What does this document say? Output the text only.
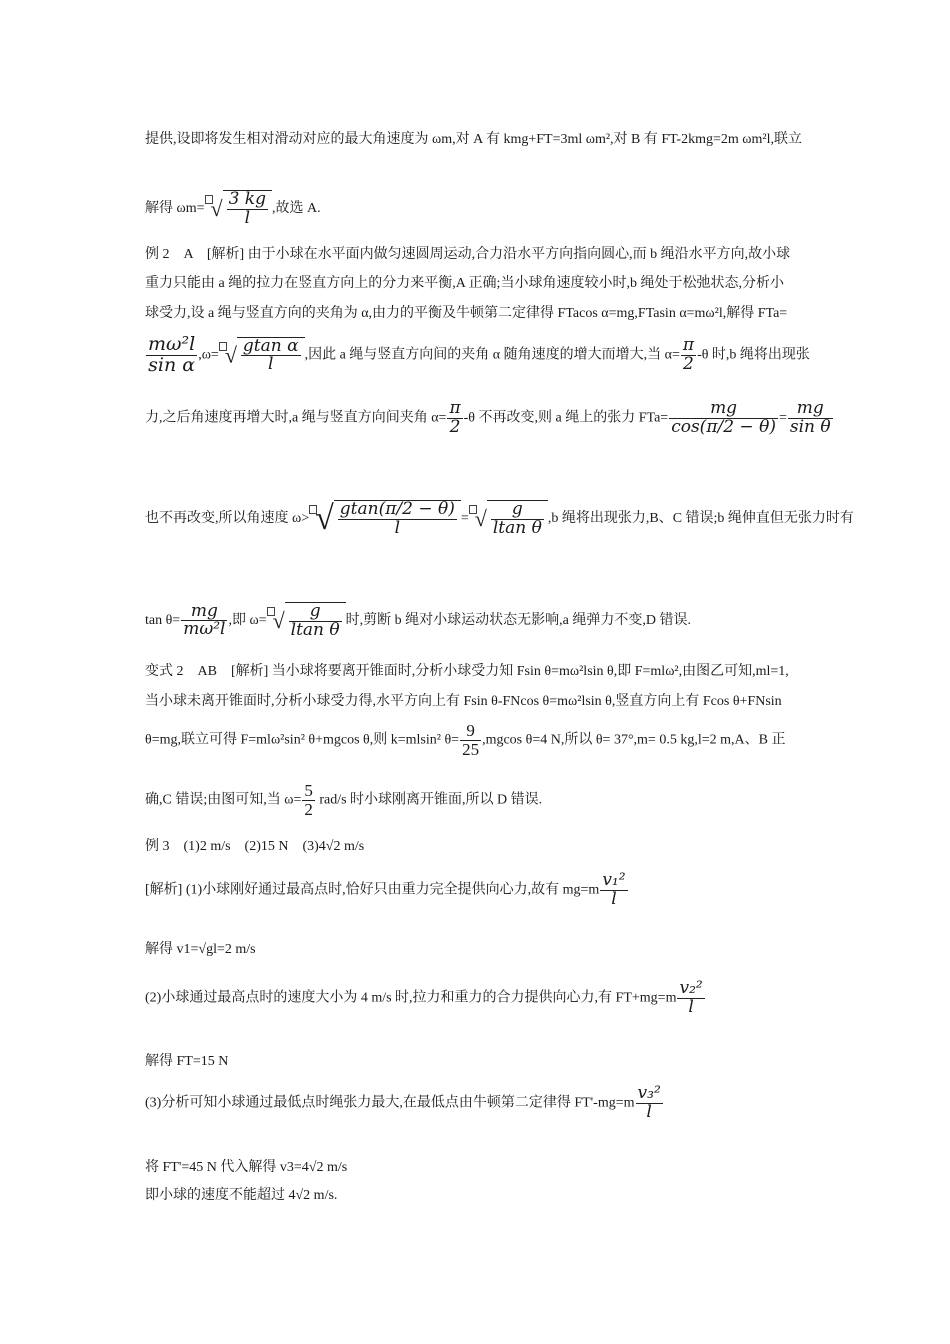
提供,设即将发生相对滑动对应的最大角速度为 ωm,对 A 有 kmg+FT=3ml ωm²,对 B 有 FT-2kmg=2m ωm²l,联立
解得 ωm= √ $\frac{3 kg}{l}$ ,故选 A.
例 2　A　[解析] 由于小球在水平面内做匀速圆周运动,合力沿水平方向指向圆心,而 b 绳沿水平方向,故小球
重力只能由 a 绳的拉力在竖直方向上的分力来平衡,A 正确;当小球角速度较小时,b 绳处于松弛状态,分析小
球受力,设 a 绳与竖直方向的夹角为 α,由力的平衡及牛顿第二定律得 FTacos α=mg,FTasin α=mω²l,解得 FTa=
$\frac{\text{mω²l}}{\text{sin α}} ,\omega=$ √ $\frac{\text{gtan α}}{l}$ ,因此 a 绳与竖直方向间的夹角 α 随角速度的增大而增大,当 $\alpha= \frac{\pi}{2} -\theta$ 时,b 绳将出现张
力,之后角速度再增大时,a 绳与竖直方向间夹角 $\alpha= \frac{\pi}{2} -\theta$ 不再改变,则 a 绳上的张力 $FTa= \frac{mg}{\cos(\pi/2 - \theta)} = \frac{mg}{\text{sin θ}}$
也不再改变,所以角速度 ω> √ $\frac{gtan(\pi/2 - \theta)}{l}$ = √ $\frac{g}{\text{ltan θ}} ,b$ 绳将出现张力,B、C 错误;b 绳伸直但无张力时有
$\tan \theta= \frac{mg}{\text{mω²l}}$ ,即 ω= √ $\frac{g}{\text{ltan θ}}$ 时,剪断 b 绳对小球运动状态无影响,a 绳弹力不变,D 错误.
变式 2　AB　[解析] 当小球将要离开锥面时,分析小球受力知 Fsin θ=mω²lsin θ,即 F=mlω²,由图乙可知,ml=1,
当小球未离开锥面时,分析小球受力得,水平方向上有 Fsin θ-FNcos θ=mω²lsin θ,竖直方向上有 Fcos θ+FNsin
θ=mg,联立可得 F=mlω²sin² θ+mgcos θ,则 k=mlsin² $\theta= \frac{9}{25} ,mgcos$ θ=4 N,所以 θ= 37°,m= 0.5 kg,l=2 m,A、B 正
确,C 错误;由图可知,当 $\omega= \frac{5}{2} rad/s$ 时小球刚离开锥面,所以 D 错误.
例 3　(1)2 m/s　(2)15 N　(3)4√2 m/s
[解析] (1)小球刚好通过最高点时,恰好只由重力完全提供向心力,故有 $mg=m \frac{\text{v₁²}}{l}$
解得 v1=√gl=2 m/s
(2)小球通过最高点时的速度大小为 4 m/s 时,拉力和重力的合力提供向心力,有 $FT+mg=m \frac{\text{v₂²}}{l}$
解得 FT=15 N
(3)分析可知小球通过最低点时绳张力最大,在最低点由牛顿第二定律得 $FT'-mg=m \frac{\text{v₃²}}{l}$
将 FT'=45 N 代入解得 v3=4√2 m/s
即小球的速度不能超过 4√2 m/s.
